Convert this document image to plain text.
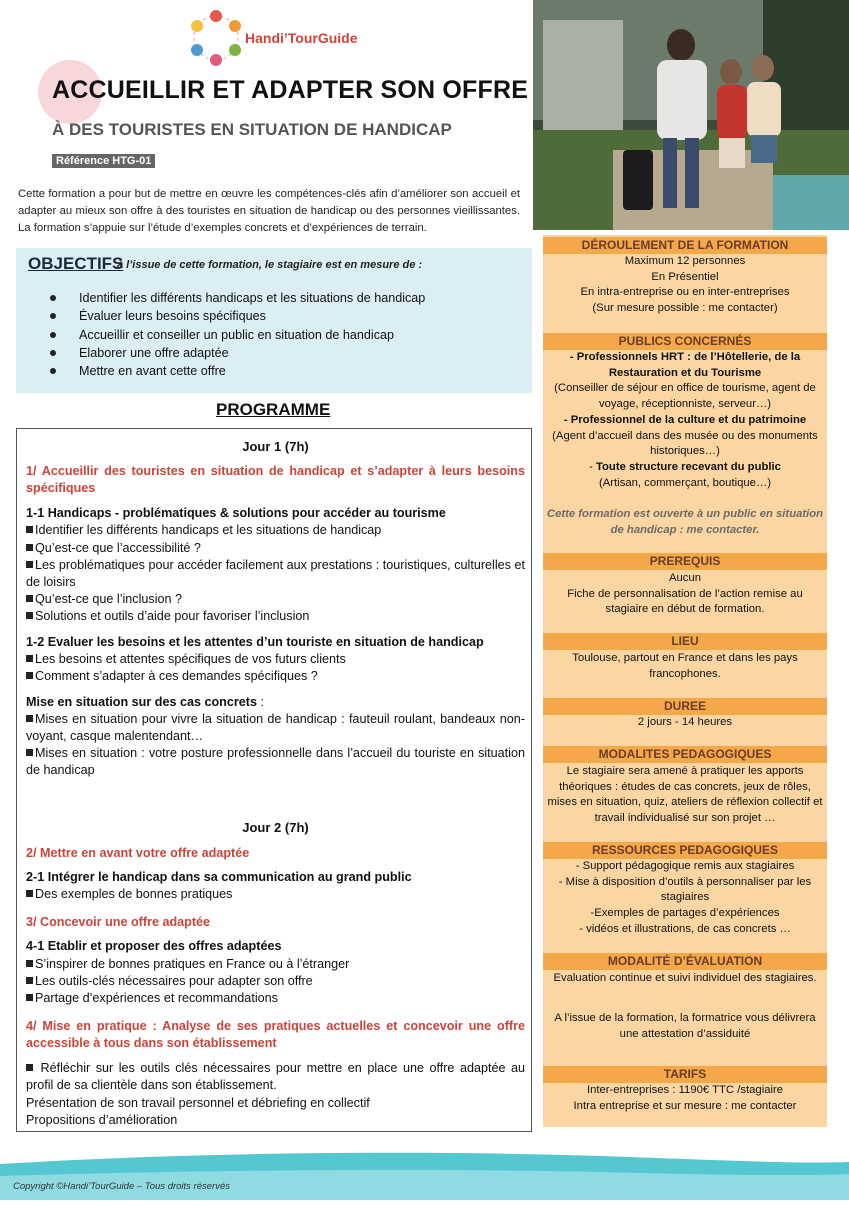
Handi’TourGuide
ACCUEILLIR ET ADAPTER SON OFFRE
À DES TOURISTES EN SITUATION DE HANDICAP
Référence HTG-01
Cette formation a pour but de mettre en œuvre les compétences-clés afin d’améliorer son accueil et adapter au mieux son offre à des touristes en situation de handicap ou des personnes vieillissantes. La formation s’appuie sur l’étude d’exemples concrets et d’expériences de terrain.
OBJECTIFS
à l’issue de cette formation, le stagiaire est en mesure de :
Identifier les différents handicaps et les situations de handicap
Évaluer leurs besoins spécifiques
Accueillir et conseiller un public en situation de handicap
Elaborer une offre adaptée
Mettre en avant cette offre
PROGRAMME
Jour 1 (7h)
1/ Accueillir des touristes en situation de handicap et s’adapter à leurs besoins spécifiques
1-1 Handicaps - problématiques & solutions pour accéder au tourisme
Identifier les différents handicaps et les situations de handicap
Qu’est-ce que l’accessibilité ?
Les problématiques pour accéder facilement aux prestations : touristiques, culturelles et de loisirs
Qu’est-ce que l’inclusion ?
Solutions et outils d’aide pour favoriser l’inclusion
1-2 Evaluer les besoins et les attentes d’un touriste en situation de handicap
Les besoins et attentes spécifiques de vos futurs clients
Comment s’adapter à ces demandes spécifiques ?
Mise en situation sur des cas concrets :
Mises en situation pour vivre la situation de handicap : fauteuil roulant, bandeaux non-voyant, casque malentendant…
Mises en situation : votre posture professionnelle dans l’accueil du touriste en situation de handicap
Jour 2 (7h)
2/ Mettre en avant votre offre adaptée
2-1 Intégrer le handicap dans sa communication au grand public
Des exemples de bonnes pratiques
3/ Concevoir une offre adaptée
4-1 Etablir et proposer des offres adaptées
S’inspirer de bonnes pratiques en France ou à l’étranger
Les outils-clés nécessaires pour adapter son offre
Partage d’expériences et recommandations
4/ Mise en pratique : Analyse de ses pratiques actuelles et concevoir une offre accessible à tous dans son établissement
Réfléchir sur les outils clés nécessaires pour mettre en place une offre adaptée au profil de sa clientèle dans son établissement.
Présentation de son travail personnel et débriefing en collectif
Propositions d’amélioration
DÉROULEMENT DE LA FORMATION

Maximum 12 personnes

En Présentiel

En intra-entreprise ou en inter-entreprises

(Sur mesure possible : me contacter)

PUBLICS CONCERNÉS

- Professionnels HRT : de l’Hôtellerie, de la Restauration et du Tourisme

(Conseiller de séjour en office de tourisme, agent de voyage, réceptionniste, serveur…)

- Professionnel de la culture et du patrimoine

(Agent d’accueil dans des musée ou des monuments historiques…)

- Toute structure recevant du public

(Artisan, commerçant, boutique…)

Cette formation est ouverte à un public en situation de handicap : me contacter.
PREREQUIS

Aucun

Fiche de personnalisation de l’action remise au stagiaire en début de formation.

LIEU
Toulouse, partout en France et dans les pays francophones.
DUREE
2 jours - 14 heures
MODALITES PEDAGOGIQUES
Le stagiaire sera amené à pratiquer les apports théoriques : études de cas concrets, jeux de rôles, mises en situation, quiz, ateliers de réflexion collectif et travail individualisé sur son projet …
RESSOURCES PEDAGOGIQUES

- Support pédagogique remis aux stagiaires

- Mise à disposition d’outils à personnaliser par les stagiaires

-Exemples de partages d’expériences

- vidéos et illustrations, de cas concrets …

MODALITÉ D’ÉVALUATION
Evaluation continue et suivi individuel des stagiaires.
A l’issue de la formation, la formatrice vous délivrera une attestation d’assiduité
TARIFS

Inter-entreprises : 1190€ TTC /stagiaire

Intra entreprise et sur mesure : me contacter

Copyright ©Handi’TourGuide – Tous droits réservés
